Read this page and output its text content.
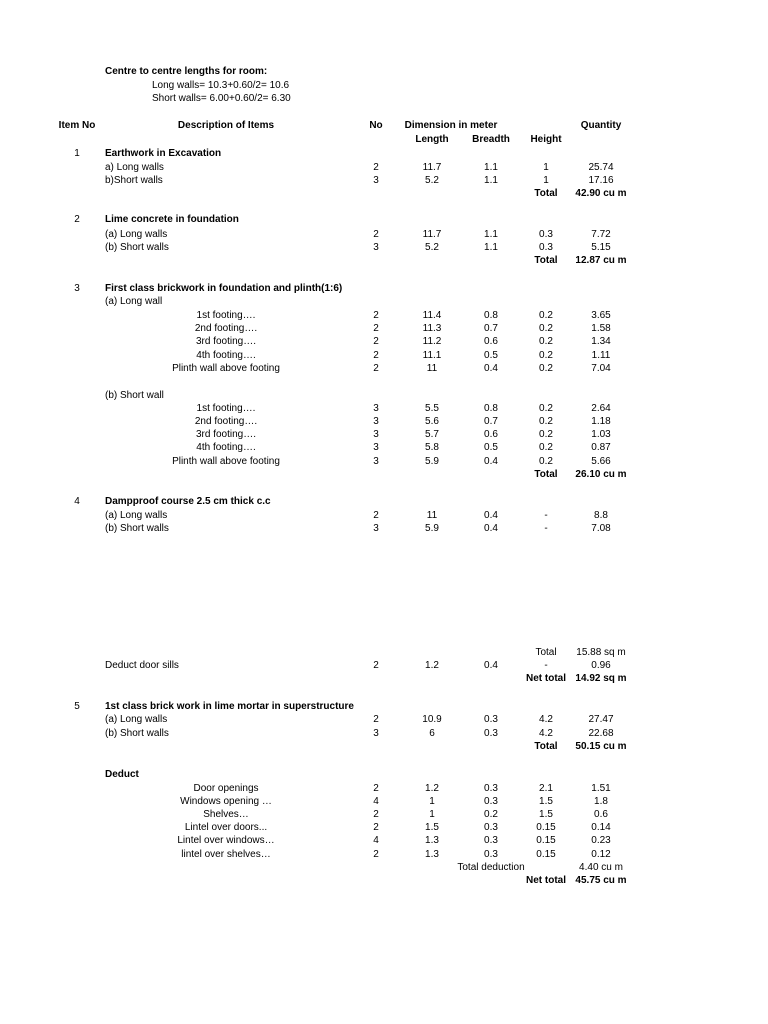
Centre to centre lengths for room:
Long walls= 10.3+0.60/2= 10.6
Short walls= 6.00+0.60/2= 6.30
Item No	Description of Items	No Dimension in meter	Quantity
Length Breadth Height
1	Earthwork in Excavation
a) Long walls	2	11.7	1.1	1	25.74
b)Short walls	3	5.2	1.1	1	17.16
Total 42.90 cu m
2	Lime concrete in foundation
(a) Long walls	2	11.7	1.1	0.3	7.72
(b) Short walls	3	5.2	1.1	0.3	5.15
Total 12.87 cu m
3	First class brickwork in foundation and plinth(1:6)
(a) Long wall
1st footing….	2	11.4	0.8	0.2	3.65
2nd footing….	2	11.3	0.7	0.2	1.58
3rd footing….	2	11.2	0.6	0.2	1.34
4th footing….	2	11.1	0.5	0.2	1.11
Plinth wall above footing	2	11	0.4	0.2	7.04
(b) Short wall
1st footing….	3	5.5	0.8	0.2	2.64
2nd footing….	3	5.6	0.7	0.2	1.18
3rd footing….	3	5.7	0.6	0.2	1.03
4th footing….	3	5.8	0.5	0.2	0.87
Plinth wall above footing	3	5.9	0.4	0.2	5.66
Total 26.10 cu m
4	Dampproof course 2.5 cm thick c.c
(a) Long walls	2	11	0.4	-	8.8
(b) Short walls	3	5.9	0.4	-	7.08
Total 15.88 sq m
Deduct door sills	2	1.2	0.4	-	0.96
Net total 14.92 sq m
5	1st class brick work in lime mortar in superstructure
(a) Long walls	2	10.9	0.3	4.2	27.47
(b) Short walls	3	6	0.3	4.2	22.68
Total 50.15 cu m
Deduct
Door openings	2	1.2	0.3	2.1	1.51
Windows opening …	4	1	0.3	1.5	1.8
Shelves…	2	1	0.2	1.5	0.6
Lintel over doors...	2	1.5	0.3	0.15	0.14
Lintel over windows…	4	1.3	0.3	0.15	0.23
lintel over shelves…	2	1.3	0.3	0.15	0.12
Total deduction	4.40 cu m
Net total 45.75 cu m
